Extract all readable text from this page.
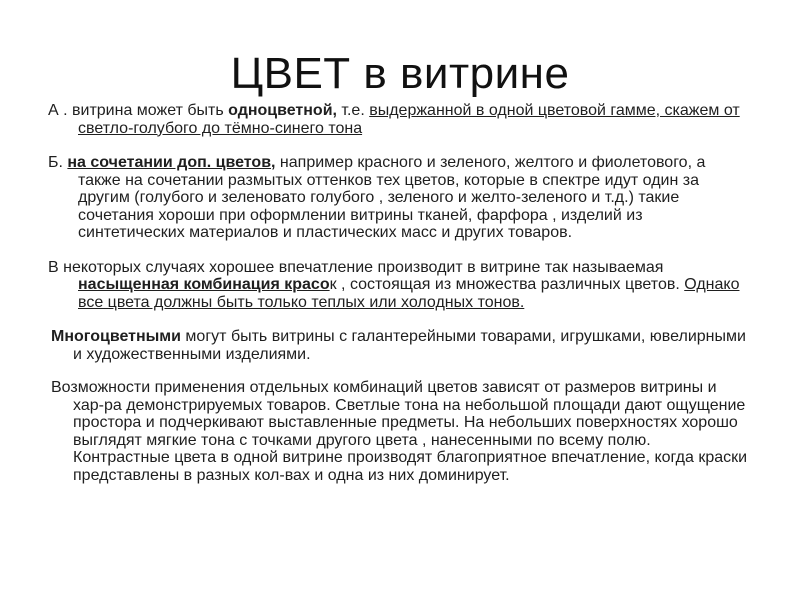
ЦВЕТ в витрине

А . витрина может быть одноцветной, т.е. выдержанной в одной цветовой гамме, скажем от светло-голубого до тёмно-синего тона

Б. на сочетании доп. цветов, например красного и зеленого, желтого и фиолетового, а также на сочетании размытых оттенков тех цветов, которые в спектре идут один за другим (голубого и зеленовато голубого , зеленого и желто-зеленого и т.д.) такие сочетания хороши при оформлении витрины тканей, фарфора , изделий из синтетических материалов и пластических масс и других товаров.

В некоторых случаях хорошее впечатление производит в витрине так называемая насыщенная комбинация красок , состоящая из множества различных цветов. Однако все цвета должны быть только теплых или холодных тонов.

Многоцветными могут быть витрины с галантерейными товарами, игрушками, ювелирными и художественными изделиями.

Возможности применения отдельных комбинаций цветов зависят от размеров витрины и хар-ра демонстрируемых товаров. Светлые тона на небольшой площади дают ощущение простора и подчеркивают выставленные предметы. На небольших поверхностях хорошо выглядят мягкие тона с точками другого цвета , нанесенными по всему полю. Контрастные цвета в одной витрине производят благоприятное впечатление, когда краски представлены в разных кол-вах и одна из них доминирует.
